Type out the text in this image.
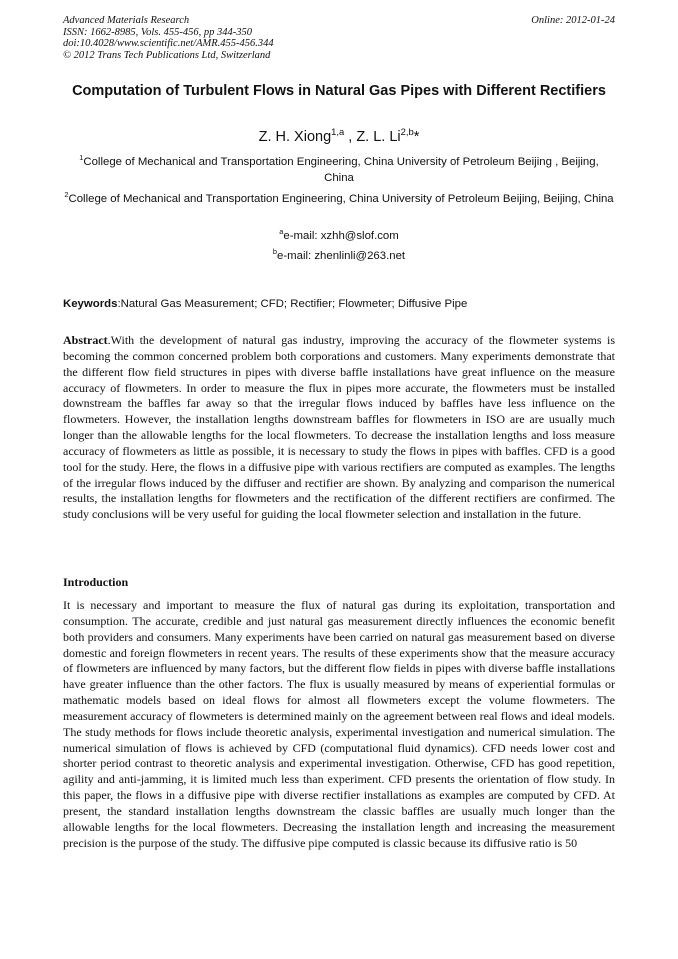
Advanced Materials Research
ISSN: 1662-8985, Vols. 455-456, pp 344-350
doi:10.4028/www.scientific.net/AMR.455-456.344
© 2012 Trans Tech Publications Ltd, Switzerland
Online: 2012-01-24
Computation of Turbulent Flows in Natural Gas Pipes with Different Rectifiers
Z. H. Xiong$^{1,a}$ , Z. L. Li$^{2,b}$*
$^1$College of Mechanical and Transportation Engineering, China University of Petroleum Beijing , Beijing, China
$^2$College of Mechanical and Transportation Engineering, China University of Petroleum Beijing, Beijing, China
$^a$e-mail: xzhh@slof.com
$^b$e-mail: zhenlinli@263.net
Keywords:Natural Gas Measurement; CFD; Rectifier; Flowmeter; Diffusive Pipe
Abstract.With the development of natural gas industry, improving the accuracy of the flowmeter systems is becoming the common concerned problem both corporations and customers. Many experiments demonstrate that the different flow field structures in pipes with diverse baffle installations have great influence on the measure accuracy of flowmeters. In order to measure the flux in pipes more accurate, the flowmeters must be installed downstream the baffles far away so that the irregular flows induced by baffles have less influence on the flowmeters. However, the installation lengths downstream baffles for flowmeters in ISO are are usually much longer than the allowable lengths for the local flowmeters. To decrease the installation lengths and loss measure accuracy of flowmeters as little as possible, it is necessary to study the flows in pipes with baffles. CFD is a good tool for the study. Here, the flows in a diffusive pipe with various rectifiers are computed as examples. The lengths of the irregular flows induced by the diffuser and rectifier are shown. By analyzing and comparison the numerical results, the installation lengths for flowmeters and the rectification of the different rectifiers are confirmed. The study conclusions will be very useful for guiding the local flowmeter selection and installation in the future.
Introduction
It is necessary and important to measure the flux of natural gas during its exploitation, transportation and consumption. The accurate, credible and just natural gas measurement directly influences the economic benefit both providers and consumers. Many experiments have been carried on natural gas measurement based on diverse domestic and foreign flowmeters in recent years. The results of these experiments show that the measure accuracy of flowmeters are influenced by many factors, but the different flow fields in pipes with diverse baffle installations have greater influence than the other factors. The flux is usually measured by means of experiential formulas or mathematic models based on ideal flows for almost all flowmeters except the volume flowmeters. The measurement accuracy of flowmeters is determined mainly on the agreement between real flows and ideal models. The study methods for flows include theoretic analysis, experimental investigation and numerical simulation. The numerical simulation of flows is achieved by CFD (computational fluid dynamics). CFD needs lower cost and shorter period contrast to theoretic analysis and experimental investigation. Otherwise, CFD has good repetition, agility and anti-jamming, it is limited much less than experiment. CFD presents the orientation of flow study. In this paper, the flows in a diffusive pipe with diverse rectifier installations as examples are computed by CFD. At present, the standard installation lengths downstream the classic baffles are usually much longer than the allowable lengths for the local flowmeters. Decreasing the installation length and increasing the measurement precision is the purpose of the study. The diffusive pipe computed is classic because its diffusive ratio is 50
